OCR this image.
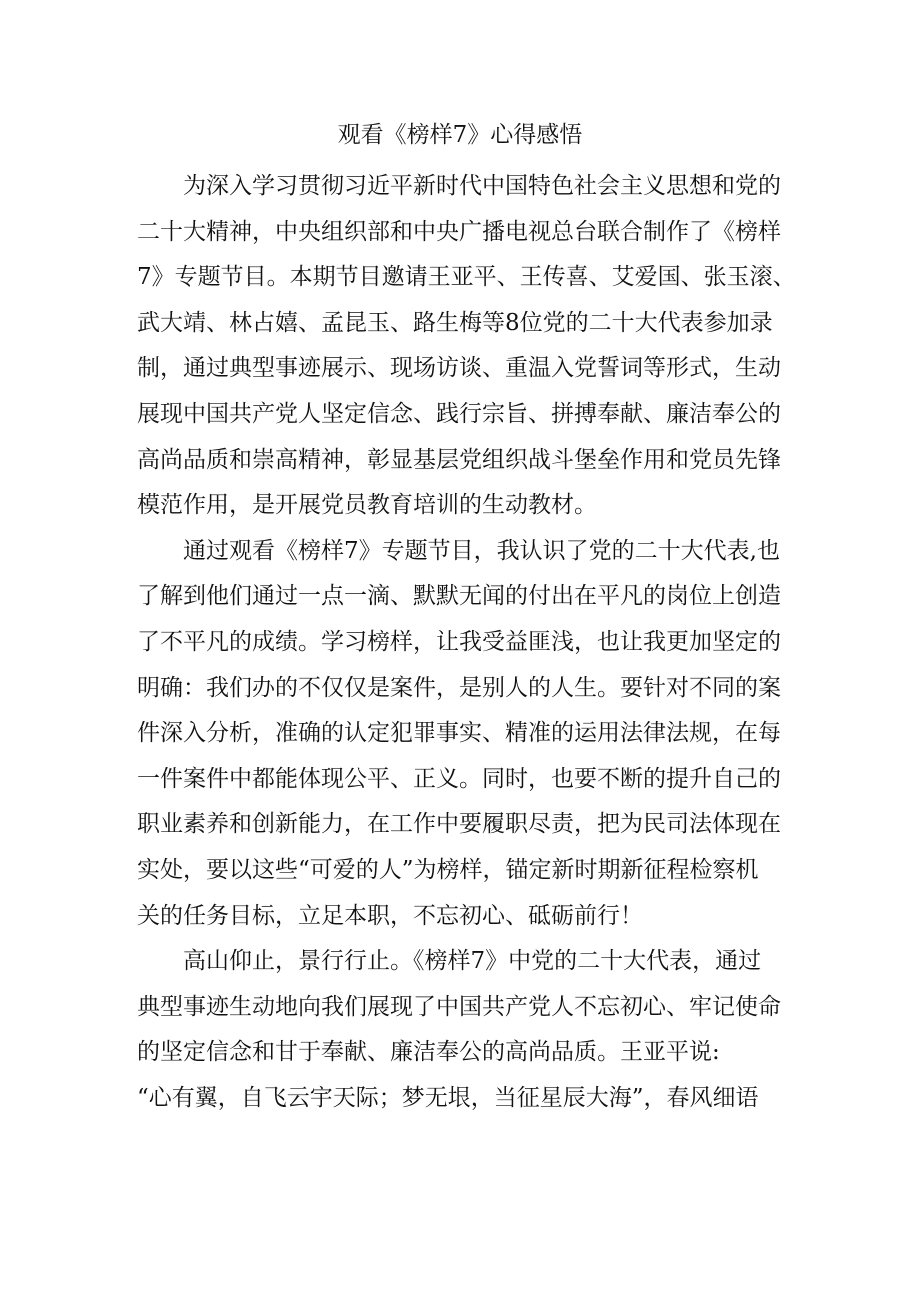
观看《榜样7》心得感悟
为深入学习贯彻习近平新时代中国特色社会主义思想和党的
二十大精神，中央组织部和中央广播电视总台联合制作了《榜样
7》专题节目。本期节目邀请王亚平、王传喜、艾爱国、张玉滚、
武大靖、林占嬉、孟昆玉、路生梅等8位党的二十大代表参加录
制，通过典型事迹展示、现场访谈、重温入党誓词等形式，生动
展现中国共产党人坚定信念、践行宗旨、拼搏奉献、廉洁奉公的
高尚品质和崇高精神，彰显基层党组织战斗堡垒作用和党员先锋
模范作用，是开展党员教育培训的生动教材。
通过观看《榜样7》专题节目，我认识了党的二十大代表,也
了解到他们通过一点一滴、默默无闻的付出在平凡的岗位上创造
了不平凡的成绩。学习榜样，让我受益匪浅，也让我更加坚定的
明确：我们办的不仅仅是案件，是别人的人生。要针对不同的案
件深入分析，准确的认定犯罪事实、精准的运用法律法规，在每
一件案件中都能体现公平、正义。同时，也要不断的提升自己的
职业素养和创新能力，在工作中要履职尽责，把为民司法体现在
实处，要以这些“可爱的人”为榜样，锚定新时期新征程检察机
关的任务目标，立足本职，不忘初心、砥砺前行！
高山仰止，景行行止。《榜样7》中党的二十大代表，通过
典型事迹生动地向我们展现了中国共产党人不忘初心、牢记使命
的坚定信念和甘于奉献、廉洁奉公的高尚品质。王亚平说:
“心有翼，自飞云宇天际；梦无垠，当征星辰大海”，春风细语
